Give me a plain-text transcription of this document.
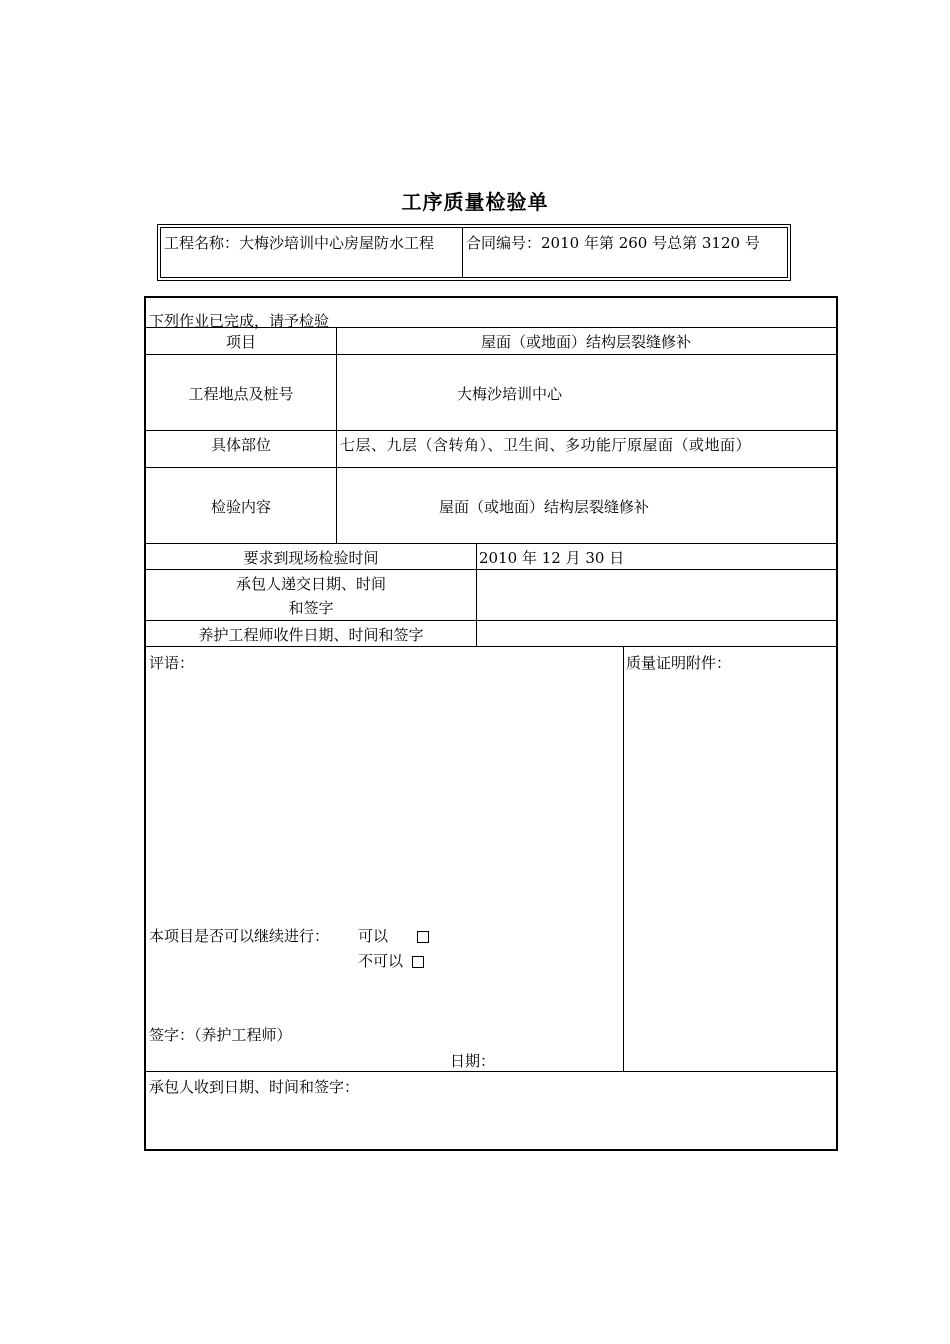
工序质量检验单
工程名称：大梅沙培训中心房屋防水工程	合同编号：2010 年第 260 号总第 3120 号
下列作业已完成，请予检验
项目	屋面（或地面）结构层裂缝修补
工程地点及桩号	大梅沙培训中心
具体部位	七层、九层（含转角）、卫生间、多功能厅原屋面（或地面）
检验内容	屋面（或地面）结构层裂缝修补
要求到现场检验时间	2010 年 12 月 30 日
承包人递交日期、时间
和签字
养护工程师收件日期、时间和签字
评语：	质量证明附件：
本项目是否可以继续进行： 可以
不可以
签字：（养护工程师）
日期：
承包人收到日期、时间和签字：
